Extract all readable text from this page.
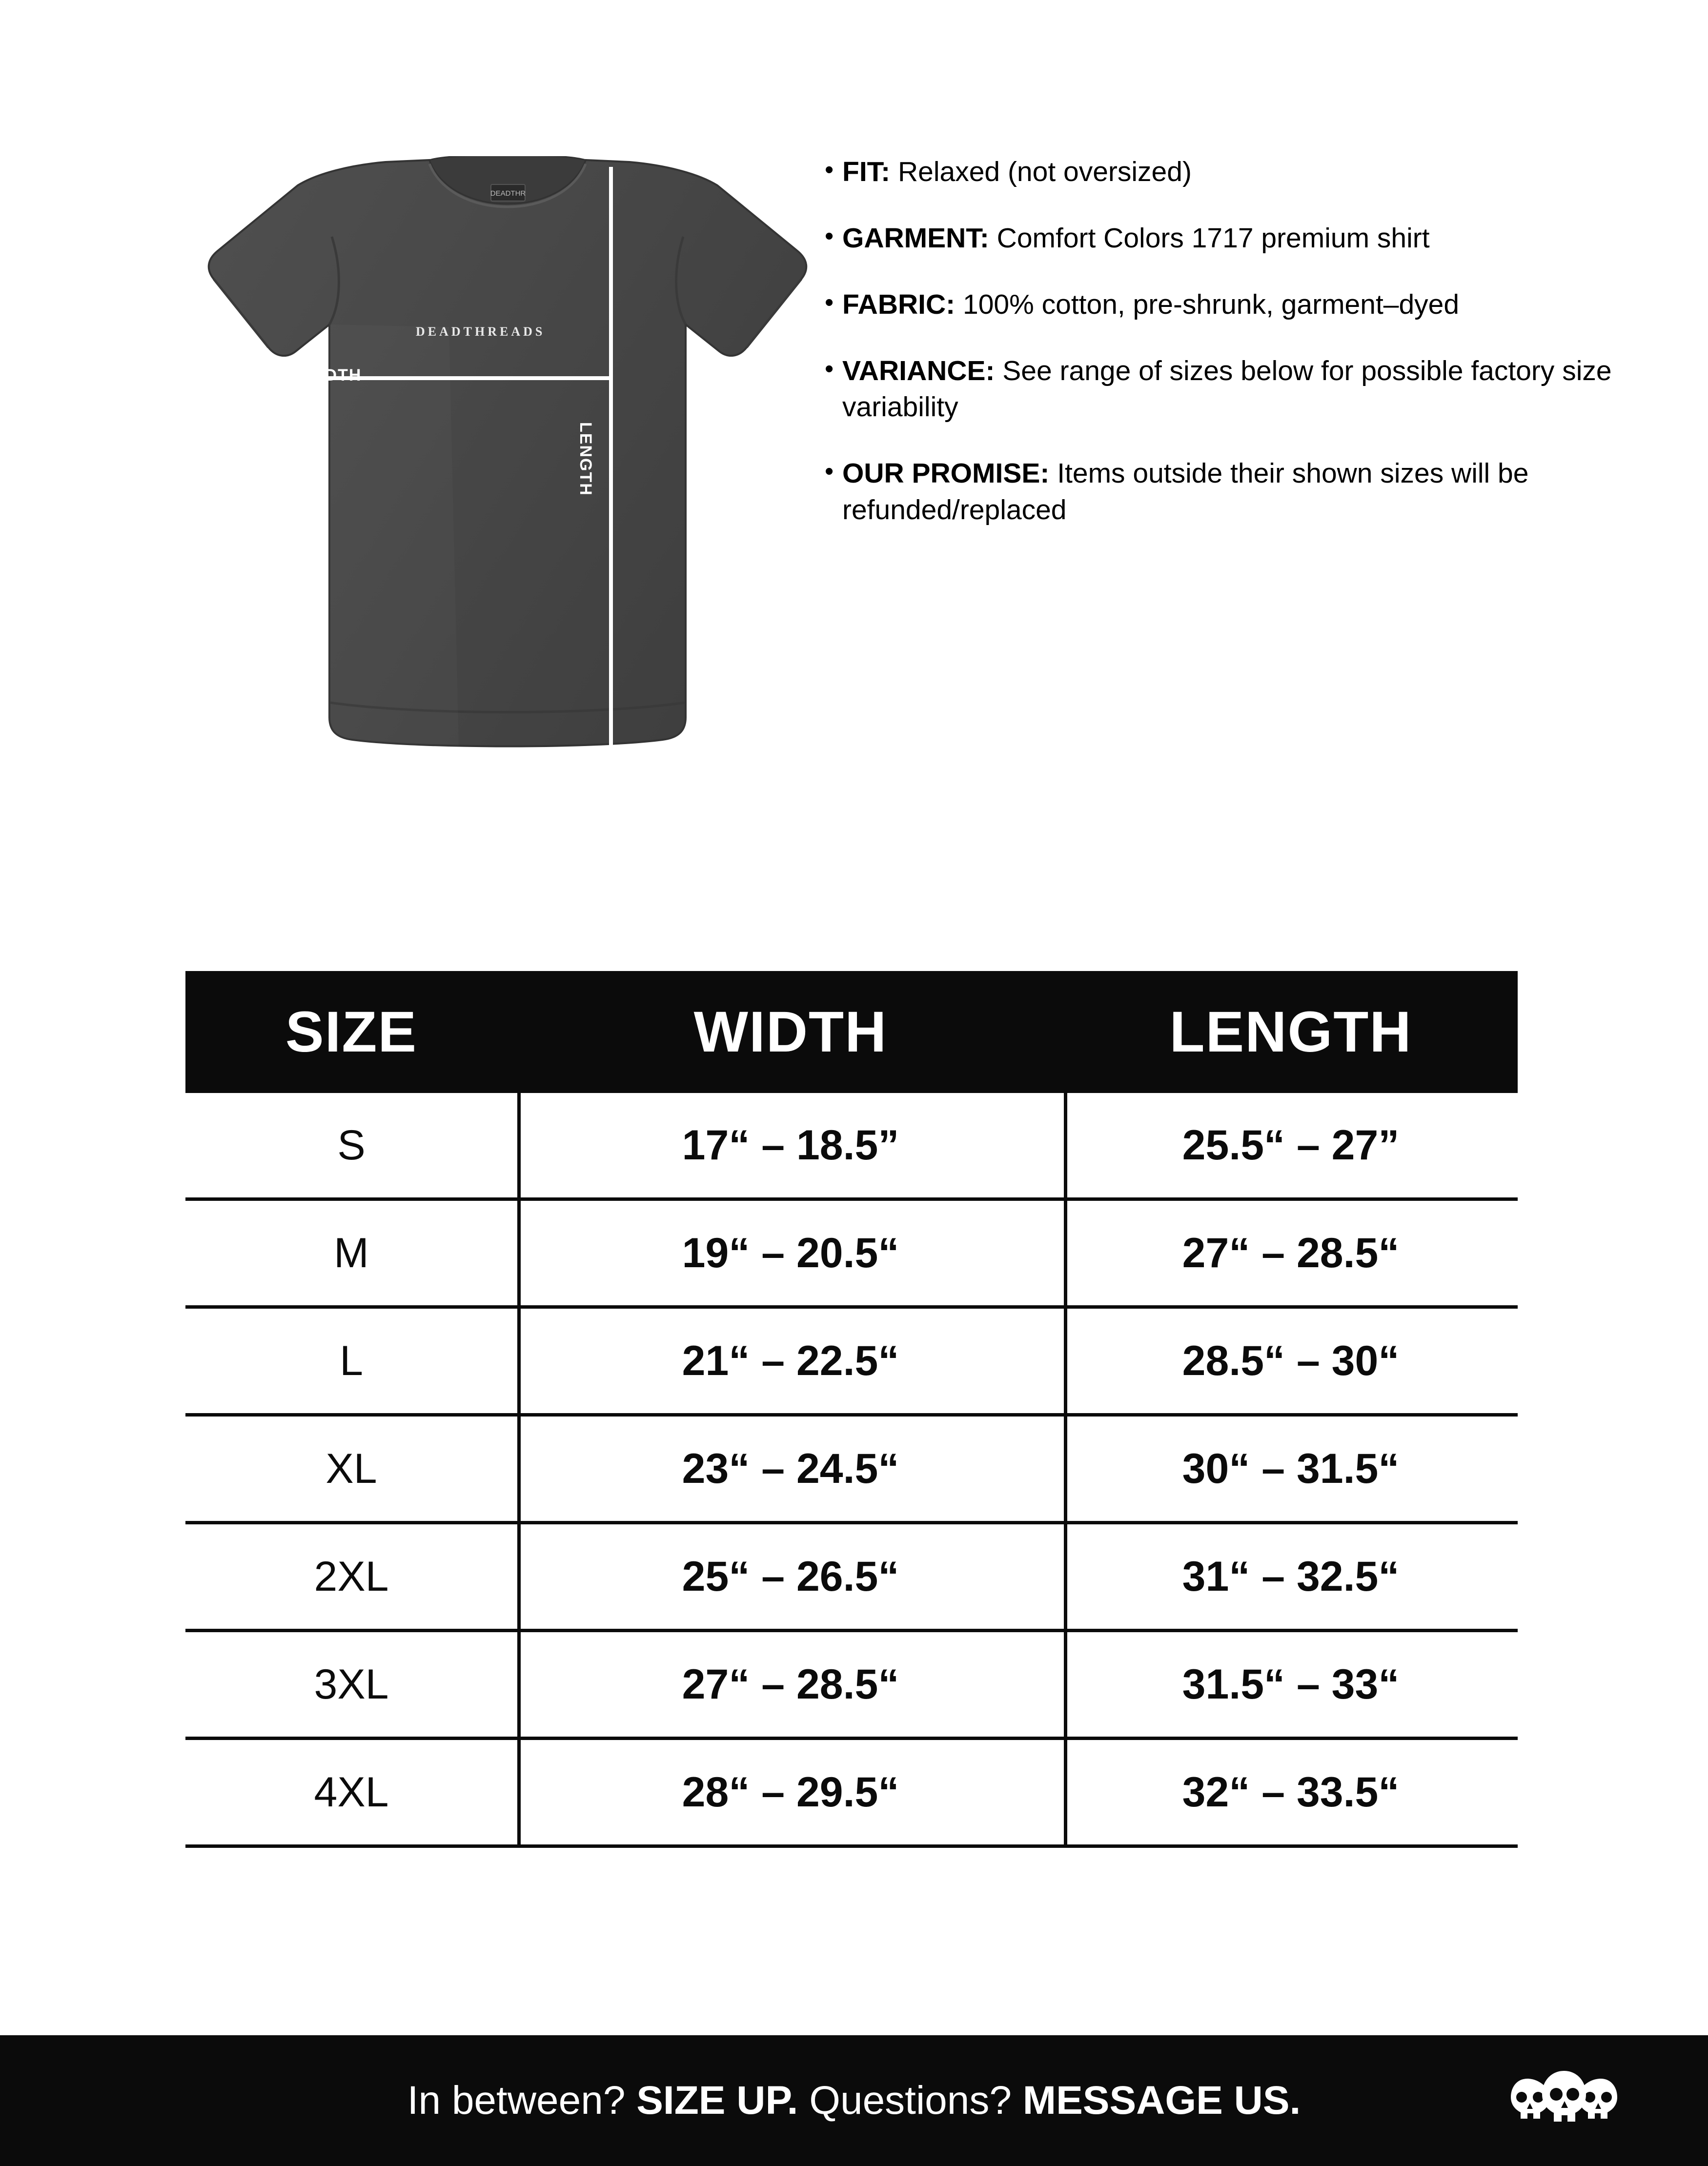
DEADTHR
DEADTHREADS
WIDTH
LENGTH
• FIT: Relaxed (not oversized)
• GARMENT: Comfort Colors 1717 premium shirt
• FABRIC: 100% cotton, pre-shrunk, garment–dyed
• VARIANCE: See range of sizes below for possible factory size variability
• OUR PROMISE: Items outside their shown sizes will be refunded/replaced
SIZE	WIDTH	LENGTH
S	17“ – 18.5”	25.5“ – 27”
M	19“ – 20.5“	27“ – 28.5“
L	21“ – 22.5“	28.5“ – 30“
XL	23“ – 24.5“	30“ – 31.5“
2XL	25“ – 26.5“	31“ – 32.5“
3XL	27“ – 28.5“	31.5“ – 33“
4XL	28“ – 29.5“	32“ – 33.5“
In between? SIZE UP. Questions? MESSAGE US.
